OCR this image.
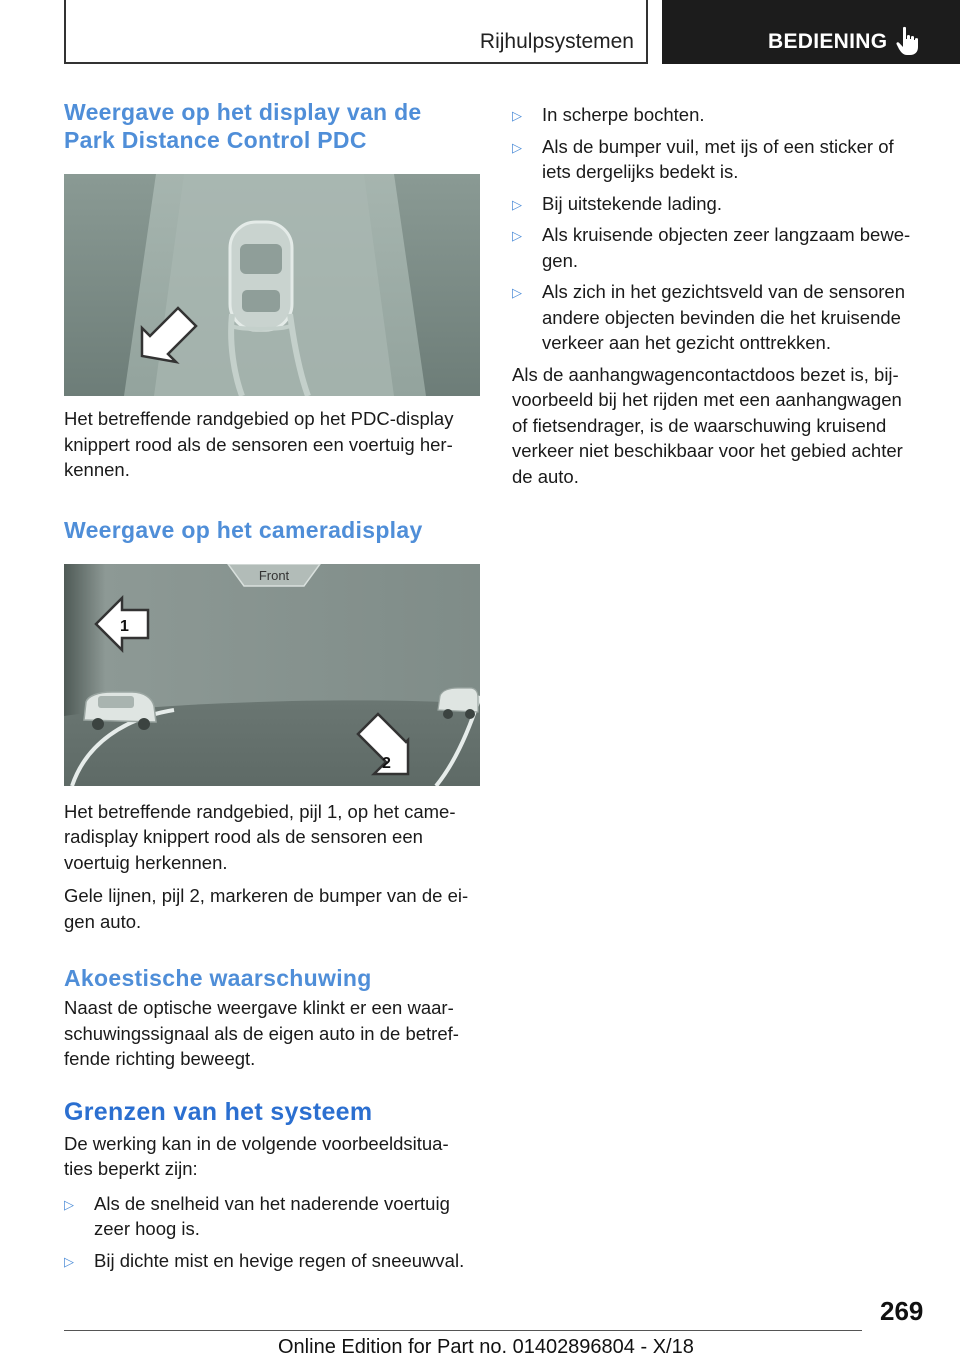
Rijhulpsystemen	BEDIENING
Weergave op het display van de Park Distance Control PDC

Het betreffende randgebied op het PDC-display knippert rood als de sensoren een voertuig her-kennen.

Weergave op het cameradisplay
Front
1
2

Het betreffende randgebied, pijl 1, op het came-radisplay knippert rood als de sensoren een voertuig herkennen.

Gele lijnen, pijl 2, markeren de bumper van de ei-gen auto.

Akoestische waarschuwing

Naast de optische weergave klinkt er een waar-schuwingssignaal als de eigen auto in de betref-fende richting beweegt.

Grenzen van het systeem

De werking kan in de volgende voorbeeldsitua-ties beperkt zijn:

▷ Als de snelheid van het naderende voertuig zeer hoog is.
▷ Bij dichte mist en hevige regen of sneeuwval.
▷ In scherpe bochten.
▷ Als de bumper vuil, met ijs of een sticker of iets dergelijks bedekt is.
▷ Bij uitstekende lading.
▷ Als kruisende objecten zeer langzaam bewe-gen.
▷ Als zich in het gezichtsveld van de sensoren andere objecten bevinden die het kruisende verkeer aan het gezicht onttrekken.

Als de aanhangwagencontactdoos bezet is, bij-voorbeeld bij het rijden met een aanhangwagen of fietsendrager, is de waarschuwing kruisend verkeer niet beschikbaar voor het gebied achter de auto.

269
Online Edition for Part no. 01402896804 - X/18
